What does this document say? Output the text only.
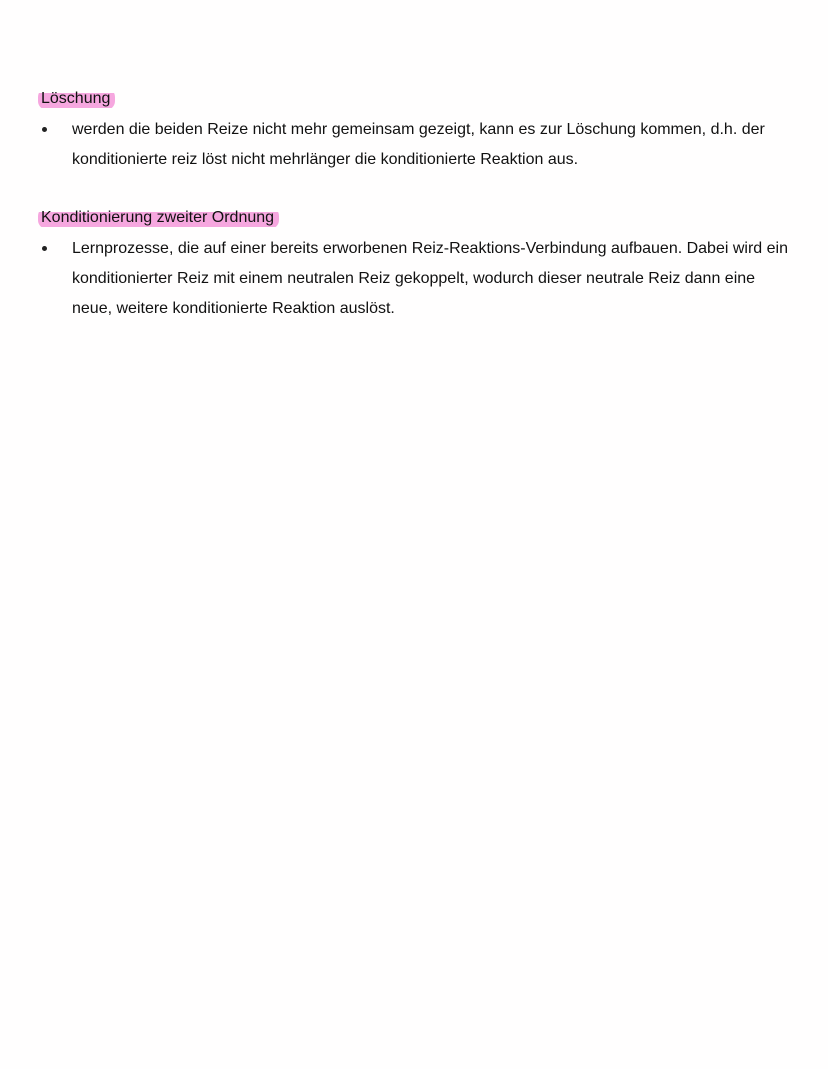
Löschung
werden die beiden Reize nicht mehr gemeinsam gezeigt, kann es zur Löschung kommen, d.h. der konditionierte reiz löst nicht mehrlänger die konditionierte Reaktion aus.
Konditionierung zweiter Ordnung
Lernprozesse, die auf einer bereits erworbenen Reiz-Reaktions-Verbindung aufbauen. Dabei wird ein konditionierter Reiz mit einem neutralen Reiz gekoppelt, wodurch dieser neutrale Reiz dann eine neue, weitere konditionierte Reaktion auslöst.
